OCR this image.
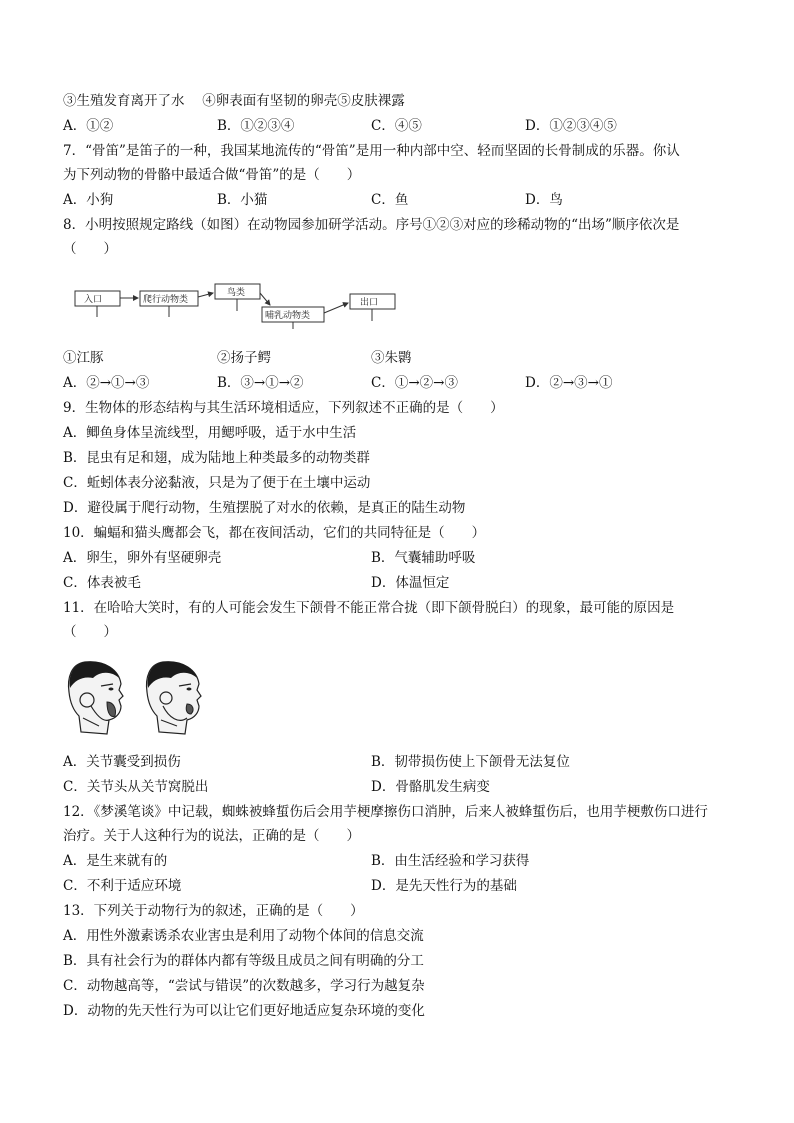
③生殖发育离开了水 　④卵表面有坚韧的卵壳⑤皮肤裸露
A．①②	B．①②③④	C．④⑤	D．①②③④⑤
7．“骨笛”是笛子的一种，我国某地流传的“骨笛”是用一种内部中空、轻而坚固的长骨制成的乐器。你认
为下列动物的骨骼中最适合做“骨笛”的是（　　）
A．小狗	B．小猫	C．鱼	D．鸟
8．小明按照规定路线（如图）在动物园参加研学活动。序号①②③对应的珍稀动物的“出场”顺序依次是
（　　）
入口	爬行动物类
鸟类
哺乳动物类
出口
①江豚	②扬子鳄	③朱鹮
A．②→①→③	B．③→①→②	C．①→②→③	D．②→③→①
9．生物体的形态结构与其生活环境相适应，下列叙述不正确的是（　　）
A．鲫鱼身体呈流线型，用鳃呼吸，适于水中生活
B．昆虫有足和翅，成为陆地上种类最多的动物类群
C．蚯蚓体表分泌黏液，只是为了便于在土壤中运动
D．避役属于爬行动物，生殖摆脱了对水的依赖，是真正的陆生动物
10．蝙蝠和猫头鹰都会飞，都在夜间活动，它们的共同特征是（　　）
A．卵生，卵外有坚硬卵壳	B．气囊辅助呼吸
C．体表被毛	D．体温恒定
11．在哈哈大笑时，有的人可能会发生下颌骨不能正常合拢（即下颌骨脱臼）的现象，最可能的原因是
（　　）
A．关节囊受到损伤	B．韧带损伤使上下颌骨无法复位
C．关节头从关节窝脱出	D．骨骼肌发生病变
12．《梦溪笔谈》中记载，蜘蛛被蜂蜇伤后会用芋梗摩擦伤口消肿，后来人被蜂蜇伤后，也用芋梗敷伤口进行
治疗。关于人这种行为的说法，正确的是（　　）
A．是生来就有的	B．由生活经验和学习获得
C．不利于适应环境	D．是先天性行为的基础
13．下列关于动物行为的叙述，正确的是（　　）
A．用性外激素诱杀农业害虫是利用了动物个体间的信息交流
B．具有社会行为的群体内都有等级且成员之间有明确的分工
C．动物越高等，“尝试与错误”的次数越多，学习行为越复杂
D．动物的先天性行为可以让它们更好地适应复杂环境的变化
